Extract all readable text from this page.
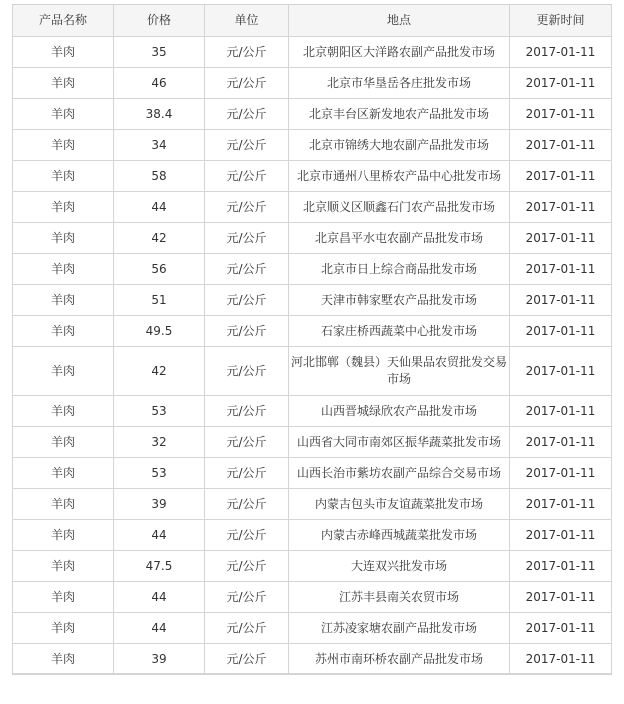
产品名称	价格	单位	地点	更新时间
羊肉	35	元/公斤	北京朝阳区大洋路农副产品批发市场	2017-01-11
羊肉	46	元/公斤	北京市华垦岳各庄批发市场	2017-01-11
羊肉	38.4	元/公斤	北京丰台区新发地农产品批发市场	2017-01-11
羊肉	34	元/公斤	北京市锦绣大地农副产品批发市场	2017-01-11
羊肉	58	元/公斤	北京市通州八里桥农产品中心批发市场	2017-01-11
羊肉	44	元/公斤	北京顺义区顺鑫石门农产品批发市场	2017-01-11
羊肉	42	元/公斤	北京昌平水屯农副产品批发市场	2017-01-11
羊肉	56	元/公斤	北京市日上综合商品批发市场	2017-01-11
羊肉	51	元/公斤	天津市韩家墅农产品批发市场	2017-01-11
羊肉	49.5	元/公斤	石家庄桥西蔬菜中心批发市场	2017-01-11
羊肉	42	元/公斤	河北邯郸（魏县）天仙果品农贸批发交易市场	2017-01-11
羊肉	53	元/公斤	山西晋城绿欣农产品批发市场	2017-01-11
羊肉	32	元/公斤	山西省大同市南郊区振华蔬菜批发市场	2017-01-11
羊肉	53	元/公斤	山西长治市紫坊农副产品综合交易市场	2017-01-11
羊肉	39	元/公斤	内蒙古包头市友谊蔬菜批发市场	2017-01-11
羊肉	44	元/公斤	内蒙古赤峰西城蔬菜批发市场	2017-01-11
羊肉	47.5	元/公斤	大连双兴批发市场	2017-01-11
羊肉	44	元/公斤	江苏丰县南关农贸市场	2017-01-11
羊肉	44	元/公斤	江苏凌家塘农副产品批发市场	2017-01-11
羊肉	39	元/公斤	苏州市南环桥农副产品批发市场	2017-01-11
